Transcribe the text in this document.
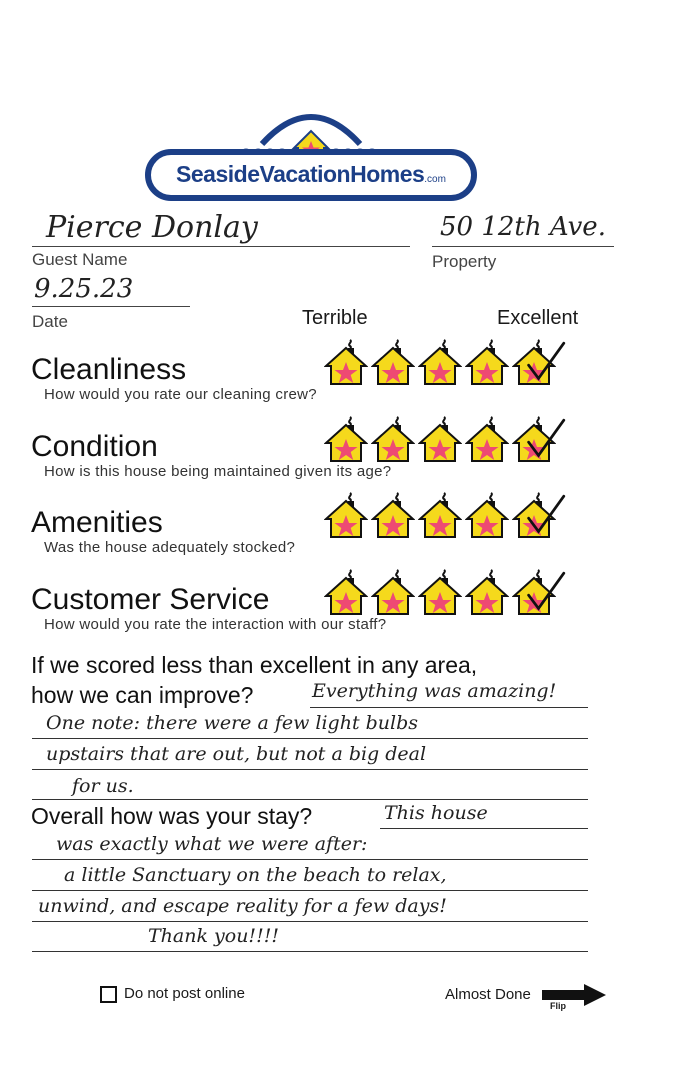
SeasideVacationHomes.com
Pierce Donlay
Guest Name
50 12th Ave.
Property
9.25.23
Date	Terrible	Excellent
Cleanliness
How would you rate our cleaning crew?
Condition
How is this house being maintained given its age?
Amenities
Was the house adequately stocked?
Customer Service
How would you rate the interaction with our staff?
If we scored less than excellent in any area,
how we can improve?	Everything was amazing!
One note: there were a few light bulbs
upstairs that are out, but not a big deal
for us.
Overall how was your stay?	This house
was exactly what we were after:
a little Sanctuary on the beach to relax,
unwind, and escape reality for a few days!
Thank you!!!!
Do not post online	Almost Done
Flip
